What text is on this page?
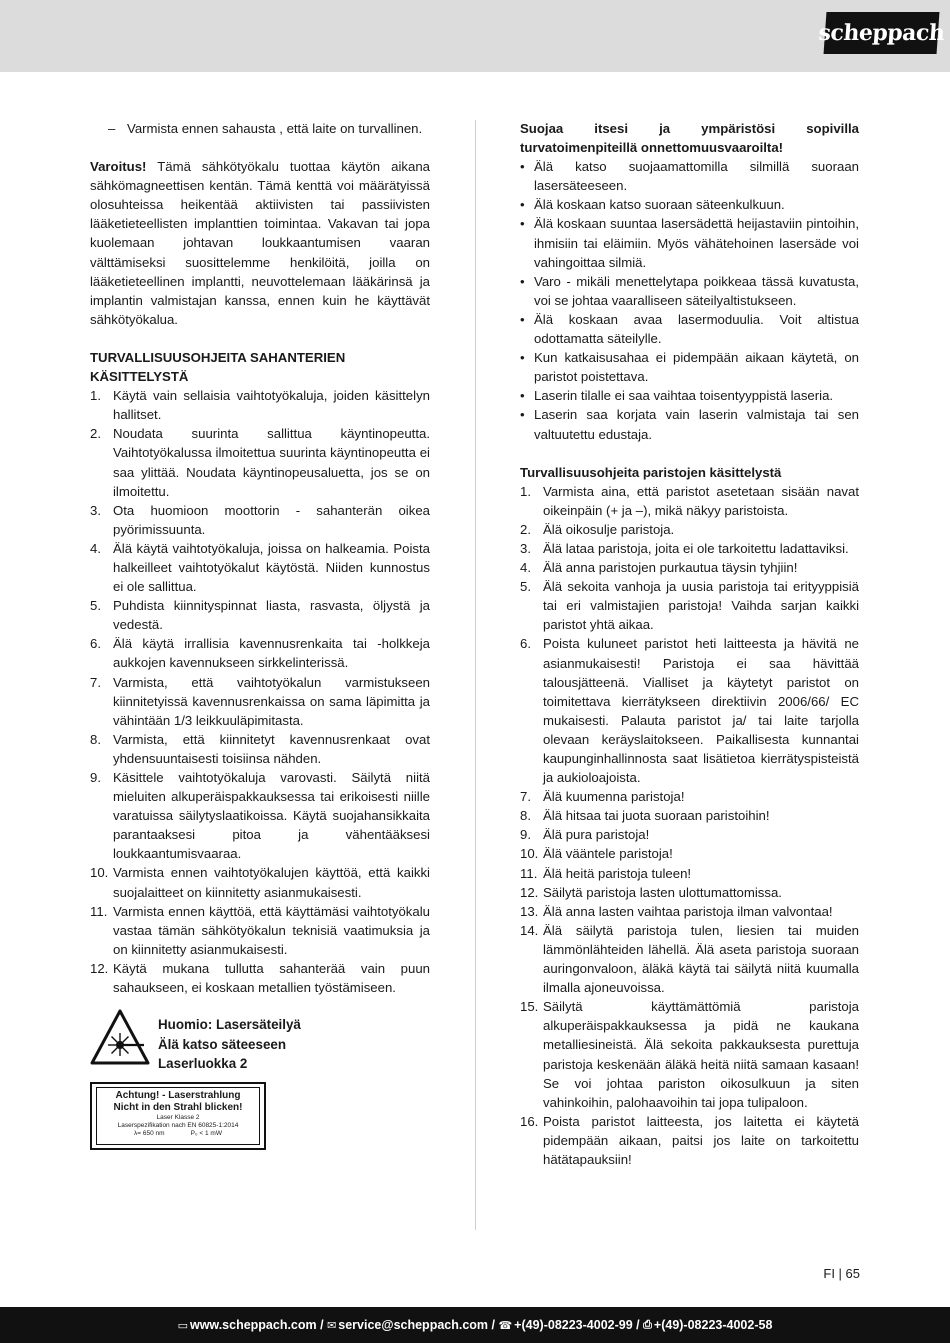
scheppach
– Varmista ennen sahausta , että laite on turvallinen.

Varoitus! Tämä sähkötyökalu tuottaa käytön aikana sähkömagneettisen kentän. Tämä kenttä voi määrätyissä olosuhteissa heikentää aktiivisten tai passiivisten lääketieteellisten implanttien toimintaa. Vakavan tai jopa kuolemaan johtavan loukkaantumisen vaaran välttämiseksi suosittelemme henkilöitä, joilla on lääketieteellinen implantti, neuvottelemaan lääkärinsä ja implantin valmistajan kanssa, ennen kuin he käyttävät sähkötyökalua.

TURVALLISUUSOHJEITA SAHANTERIEN KÄSITTELYSTÄ

1. Käytä vain sellaisia vaihtotyökaluja, joiden käsittelyn hallitset.
2. Noudata suurinta sallittua käyntinopeutta. Vaihtotyökalussa ilmoitettua suurinta käyntinopeutta ei saa ylittää. Noudata käyntinopeusaluetta, jos se on ilmoitettu.
3. Ota huomioon moottorin - sahanterän oikea pyörimissuunta.
4. Älä käytä vaihtotyökaluja, joissa on halkeamia. Poista halkeilleet vaihtotyökalut käytöstä. Niiden kunnostus ei ole sallittua.
5. Puhdista kiinnityspinnat liasta, rasvasta, öljystä ja vedestä.
6. Älä käytä irrallisia kavennusrenkaita tai -holkkeja aukkojen kavennukseen sirkkelinterissä.
7. Varmista, että vaihtotyökalun varmistukseen kiinnitetyissä kavennusrenkaissa on sama läpimitta ja vähintään 1/3 leikkuuläpimitasta.
8. Varmista, että kiinnitetyt kavennusrenkaat ovat yhdensuuntaisesti toisiinsa nähden.
9. Käsittele vaihtotyökaluja varovasti. Säilytä niitä mieluiten alkuperäispakkauksessa tai erikoisesti niille varatuissa säilytyslaatikoissa. Käytä suojahansikkaita parantaaksesi pitoa ja vähentääksesi loukkaantumisvaaraa.
10. Varmista ennen vaihtotyökalujen käyttöä, että kaikki suojalaitteet on kiinnitetty asianmukaisesti.
11. Varmista ennen käyttöä, että käyttämäsi vaihtotyökalu vastaa tämän sähkötyökalun teknisiä vaatimuksia ja on kiinnitetty asianmukaisesti.
12. Käytä mukana tullutta sahanterää vain puun sahaukseen, ei koskaan metallien työstämiseen.
Huomio: Lasersäteilyä
Älä katso säteeseen
Laserluokka 2
Achtung! - Laserstrahlung
Nicht in den Strahl blicken!
Laser Klasse 2
Laserspezifikation nach EN 60825-1:2014
λ= 650 nm	P₀ < 1 mW

Suojaa itsesi ja ympäristösi sopivilla turvatoimenpiteillä onnettomuusvaaroilta!

• Älä katso suojaamattomilla silmillä suoraan lasersäteeseen.
• Älä koskaan katso suoraan säteenkulkuun.
• Älä koskaan suuntaa lasersädettä heijastaviin pintoihin, ihmisiin tai eläimiin. Myös vähätehoinen lasersäde voi vahingoittaa silmiä.
• Varo - mikäli menettelytapa poikkeaa tässä kuvatusta, voi se johtaa vaaralliseen säteilyaltistukseen.
• Älä koskaan avaa lasermoduulia. Voit altistua odottamatta säteilylle.
• Kun katkaisusahaa ei pidempään aikaan käytetä, on paristot poistettava.
• Laserin tilalle ei saa vaihtaa toisentyyppistä laseria.
• Laserin saa korjata vain laserin valmistaja tai sen valtuutettu edustaja.

Turvallisuusohjeita paristojen käsittelystä

1. Varmista aina, että paristot asetetaan sisään navat oikeinpäin (+ ja –), mikä näkyy paristoista.
2. Älä oikosulje paristoja.
3. Älä lataa paristoja, joita ei ole tarkoitettu ladattaviksi.
4. Älä anna paristojen purkautua täysin tyhjiin!
5. Älä sekoita vanhoja ja uusia paristoja tai erityyppisiä tai eri valmistajien paristoja! Vaihda sarjan kaikki paristot yhtä aikaa.
6. Poista kuluneet paristot heti laitteesta ja hävitä ne asianmukaisesti! Paristoja ei saa hävittää talousjätteenä. Vialliset ja käytetyt paristot on toimitettava kierrätykseen direktiivin 2006/66/ EC mukaisesti. Palauta paristot ja/ tai laite tarjolla olevaan keräyslaitokseen. Paikallisesta kunnantai kaupunginhallinnosta saat lisätietoa kierrätyspisteistä ja aukioloajoista.
7. Älä kuumenna paristoja!
8. Älä hitsaa tai juota suoraan paristoihin!
9. Älä pura paristoja!
10. Älä vääntele paristoja!
11. Älä heitä paristoja tuleen!
12. Säilytä paristoja lasten ulottumattomissa.
13. Älä anna lasten vaihtaa paristoja ilman valvontaa!
14. Älä säilytä paristoja tulen, liesien tai muiden lämmönlähteiden lähellä. Älä aseta paristoja suoraan auringonvaloon, äläkä käytä tai säilytä niitä kuumalla ilmalla ajoneuvoissa.
15. Säilytä käyttämättömiä paristoja alkuperäispakkauksessa ja pidä ne kaukana metalliesineistä. Älä sekoita pakkauksesta purettuja paristoja keskenään äläkä heitä niitä samaan kasaan! Se voi johtaa pariston oikosulkuun ja siten vahinkoihin, palohaavoihin tai jopa tulipaloon.
16. Poista paristot laitteesta, jos laitetta ei käytetä pidempään aikaan, paitsi jos laite on tarkoitettu hätätapauksiin!
FI | 65
▭ www.scheppach.com / ✉ service@scheppach.com / ☎ +(49)-08223-4002-99 / ⎙ +(49)-08223-4002-58
